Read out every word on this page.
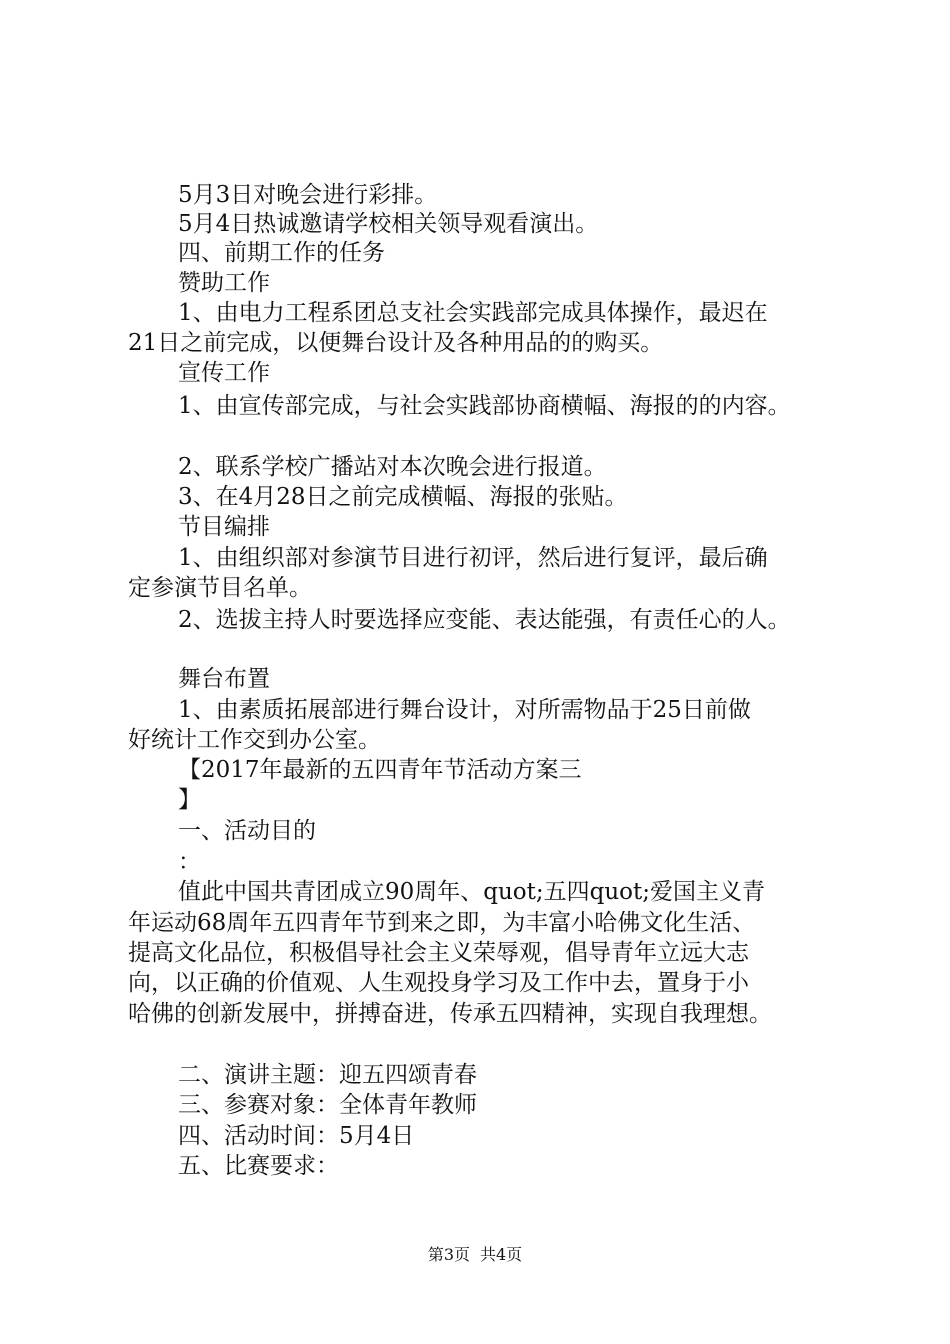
5月3日对晚会进行彩排。
5月4日热诚邀请学校相关领导观看演出。
四、前期工作的任务
赞助工作
1、由电力工程系团总支社会实践部完成具体操作，最迟在
21日之前完成，以便舞台设计及各种用品的的购买。
宣传工作
1、由宣传部完成，与社会实践部协商横幅、海报的的内容。
2、联系学校广播站对本次晚会进行报道。
3、在4月28日之前完成横幅、海报的张贴。
节目编排
1、由组织部对参演节目进行初评，然后进行复评，最后确
定参演节目名单。
2、选拔主持人时要选择应变能、表达能强，有责任心的人。
舞台布置
1、由素质拓展部进行舞台设计，对所需物品于25日前做
好统计工作交到办公室。
【2017年最新的五四青年节活动方案三
】
一、活动目的
：
值此中国共青团成立90周年、quot;五四quot;爱国主义青
年运动68周年五四青年节到来之即，为丰富小哈佛文化生活、
提高文化品位，积极倡导社会主义荣辱观，倡导青年立远大志
向，以正确的价值观、人生观投身学习及工作中去，置身于小
哈佛的创新发展中，拼搏奋进，传承五四精神，实现自我理想。
二、演讲主题：迎五四颂青春
三、参赛对象：全体青年教师
四、活动时间：5月4日
五、比赛要求：
第3页 共4页
